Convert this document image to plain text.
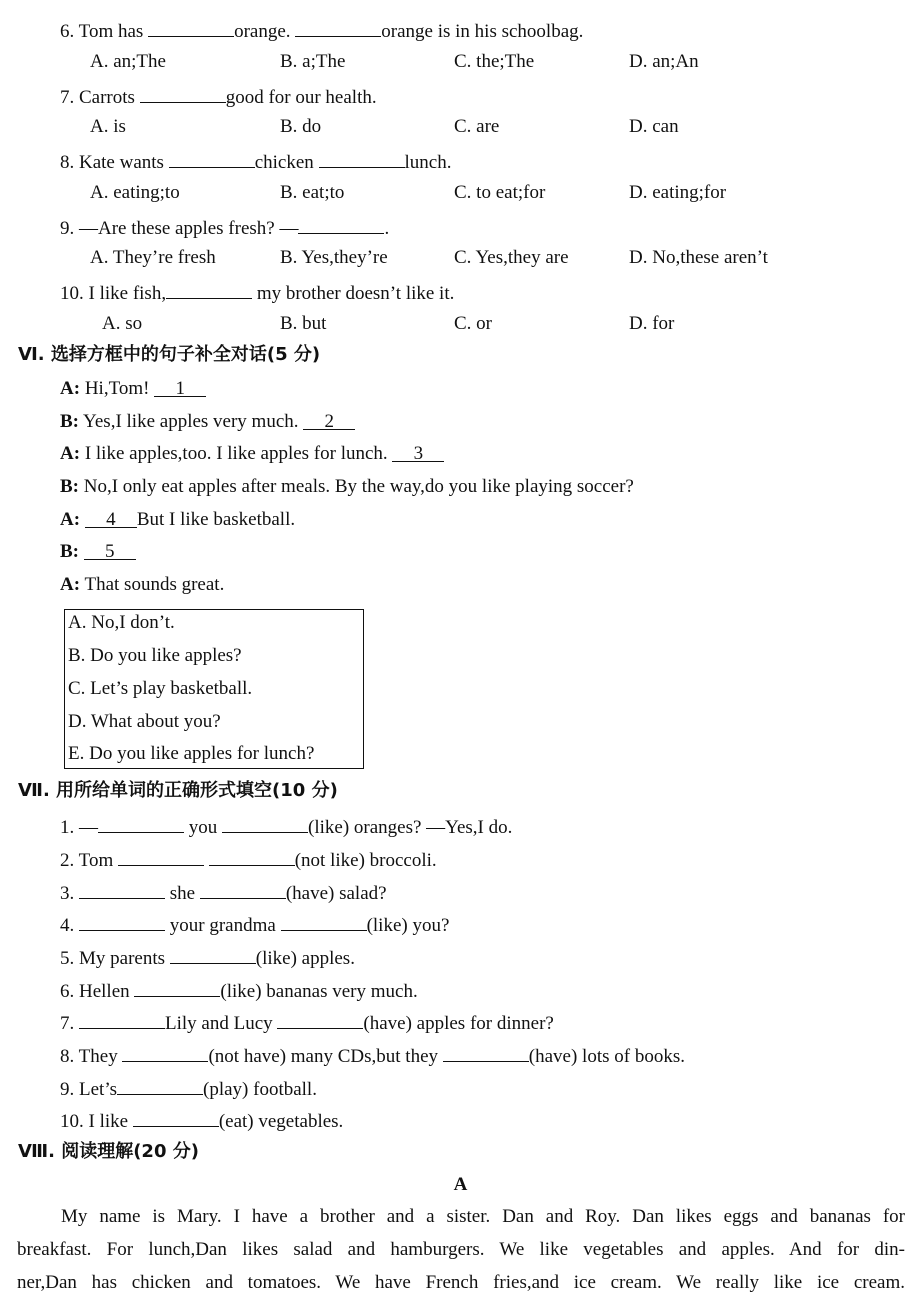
6. Tom has	orange.	orange is in his schoolbag.
A. an;The	B. a;The	C. the;The	D. an;An
7. Carrots	good for our health.
A. is	B. do	C. are	D. can
8. Kate wants	chicken	lunch.
A. eating;to	B. eat;to	C. to eat;for	D. eating;for
9. —Are these apples fresh? —	.
A. They’re fresh	B. Yes,they’re	C. Yes,they are	D. No,these aren’t
10. I like fish,	my brother doesn’t like it.
A. so	B. but	C. or	D. for
Ⅵ. 选择方框中的句子补全对话(5 分)
A: Hi,Tom! 1
B: Yes,I like apples very much. 2
A: I like apples,too. I like apples for lunch. 3
B: No,I only eat apples after meals. By the way,do you like playing soccer?
A: 4 But I like basketball.
B: 5
A: That sounds great.
A. No,I don’t.
B. Do you like apples?
C. Let’s play basketball.
D. What about you?
E. Do you like apples for lunch?
Ⅶ. 用所给单词的正确形式填空(10 分)
1. —	you	(like) oranges? —Yes,I do.
2. Tom	(not like) broccoli.
3.	she	(have) salad?
4.	your grandma	(like) you?
5. My parents	(like) apples.
6. Hellen	(like) bananas very much.
7.	Lily and Lucy	(have) apples for dinner?
8. They	(not have) many CDs,but they	(have) lots of books.
9. Let’s	(play) football.
10. I like	(eat) vegetables.
Ⅷ. 阅读理解(20 分)
A
My name is Mary. I have a brother and a sister. Dan and Roy. Dan likes eggs and bananas for
breakfast. For lunch,Dan likes salad and hamburgers. We like vegetables and apples. And for din-
ner,Dan has chicken and tomatoes. We have French fries,and ice cream. We really like ice cream.
